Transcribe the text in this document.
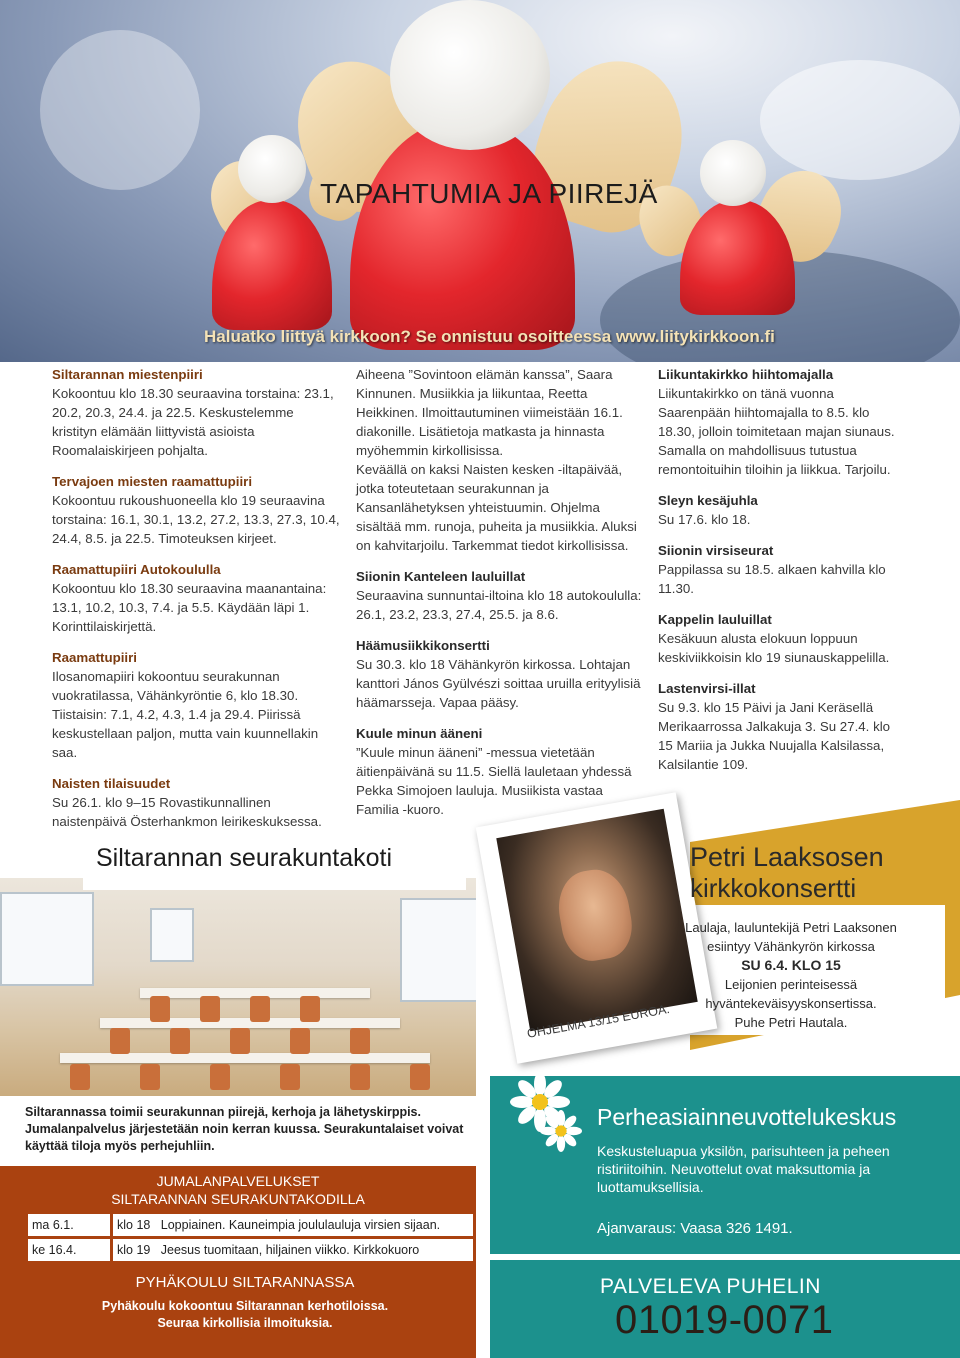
TAPAHTUMIA JA PIIREJÄ
Haluatko liittyä kirkkoon? Se onnistuu osoitteessa www.liitykirkkoon.fi

Siltarannan miestenpiiri

Kokoontuu klo 18.30 seuraavina torstaina: 23.1, 20.2, 20.3, 24.4. ja 22.5. Keskustelemme kristityn elämään liittyvistä asioista Roomalaiskirjeen pohjalta.

Tervajoen miesten raamattupiiri

Kokoontuu rukoushuoneella klo 19 seuraavina torstaina: 16.1, 30.1, 13.2, 27.2, 13.3, 27.3, 10.4, 24.4, 8.5. ja 22.5. Timoteuksen kirjeet.

Raamattupiiri Autokoululla

Kokoontuu klo 18.30 seuraavina maanantaina: 13.1, 10.2, 10.3, 7.4. ja 5.5. Käydään läpi 1. Korinttilaiskirjettä.

Raamattupiiri

Ilosanomapiiri kokoontuu seurakunnan vuokratilassa, Vähänkyröntie 6, klo 18.30. Tiistaisin: 7.1, 4.2, 4.3, 1.4 ja 29.4. Piirissä keskustellaan paljon, mutta vain kuunnellakin saa.

Naisten tilaisuudet

Su 26.1. klo 9–15 Rovastikunnallinen naistenpäivä Österhankmon leirikeskuksessa.

Aiheena ”Sovintoon elämän kanssa”, Saara Kinnunen. Musiikkia ja liikuntaa, Reetta Heikkinen. Ilmoittautuminen viimeistään 16.1. diakonille. Lisätietoja matkasta ja hinnasta myöhemmin kirkollisissa.

Keväällä on kaksi Naisten kesken -iltapäivää, jotka toteutetaan seurakunnan ja Kansanlähetyksen yhteistuumin. Ohjelma sisältää mm. runoja, puheita ja musiikkia. Aluksi on kahvitarjoilu. Tarkemmat tiedot kirkollisissa.

Siionin Kanteleen lauluillat

Seuraavina sunnuntai-iltoina klo 18 autokoululla: 26.1, 23.2, 23.3, 27.4, 25.5. ja 8.6.

Häämusiikkikonsertti

Su 30.3. klo 18 Vähänkyrön kirkossa. Lohtajan kanttori János Gyülvészi soittaa uruilla erityylisiä häämarsseja. Vapaa pääsy.

Kuule minun ääneni

”Kuule minun ääneni” -messua vietetään äitienpäivänä su 11.5. Siellä lauletaan yhdessä Pekka Simojoen lauluja. Musiikista vastaa Familia -kuoro.

Liikuntakirkko hiihtomajalla

Liikuntakirkko on tänä vuonna Saarenpään hiihtomajalla to 8.5. klo 18.30, jolloin toimitetaan majan siunaus. Samalla on mahdollisuus tutustua remontoituihin tiloihin ja liikkua. Tarjoilu.

Sleyn kesäjuhla

Su 17.6. klo 18.

Siionin virsiseurat

Pappilassa su 18.5. alkaen kahvilla klo 11.30.

Kappelin lauluillat

Kesäkuun alusta elokuun loppuun keskiviikkoisin klo 19 siunauskappelilla.

Lastenvirsi-illat

Su 9.3. klo 15 Päivi ja Jani Keräsellä Merikaarrossa Jalkakuja 3. Su 27.4. klo 15 Mariia ja Jukka Nuujalla Kalsilassa, Kalsilantie 109.

Siltarannan seurakuntakoti
OHJELMA 13/15 EUROA.
Petri Laaksosen
kirkkokonsertti
Laulaja, lauluntekijä Petri Laaksonen esiintyy Vähänkyrön kirkossa
SU 6.4. KLO 15
Leijonien perinteisessä hyväntekeväisyyskonsertissa.
Puhe Petri Hautala.
Siltarannassa toimii seurakunnan piirejä, kerhoja ja lähetyskirppis. Jumalanpalvelus järjestetään noin kerran kuussa. Seurakuntalaiset voivat käyttää tiloja myös perhejuhliin.
JUMALANPALVELUKSET
SILTARANNAN SEURAKUNTAKODILLA
ma 6.1.	klo 18 Loppiainen. Kauneimpia joululauluja virsien sijaan.
ke 16.4.	klo 19 Jeesus tuomitaan, hiljainen viikko. Kirkkokuoro
PYHÄKOULU SILTARANNASSA
Pyhäkoulu kokoontuu Siltarannan kerhotiloissa.
Seuraa kirkollisia ilmoituksia.
Perheasiainneuvottelukeskus
Keskusteluapua yksilön, parisuhteen ja peheen ristiriitoihin. Neuvottelut ovat maksuttomia ja luottamuksellisia.
Ajanvaraus: Vaasa 326 1491.
PALVELEVA PUHELIN
01019-0071
